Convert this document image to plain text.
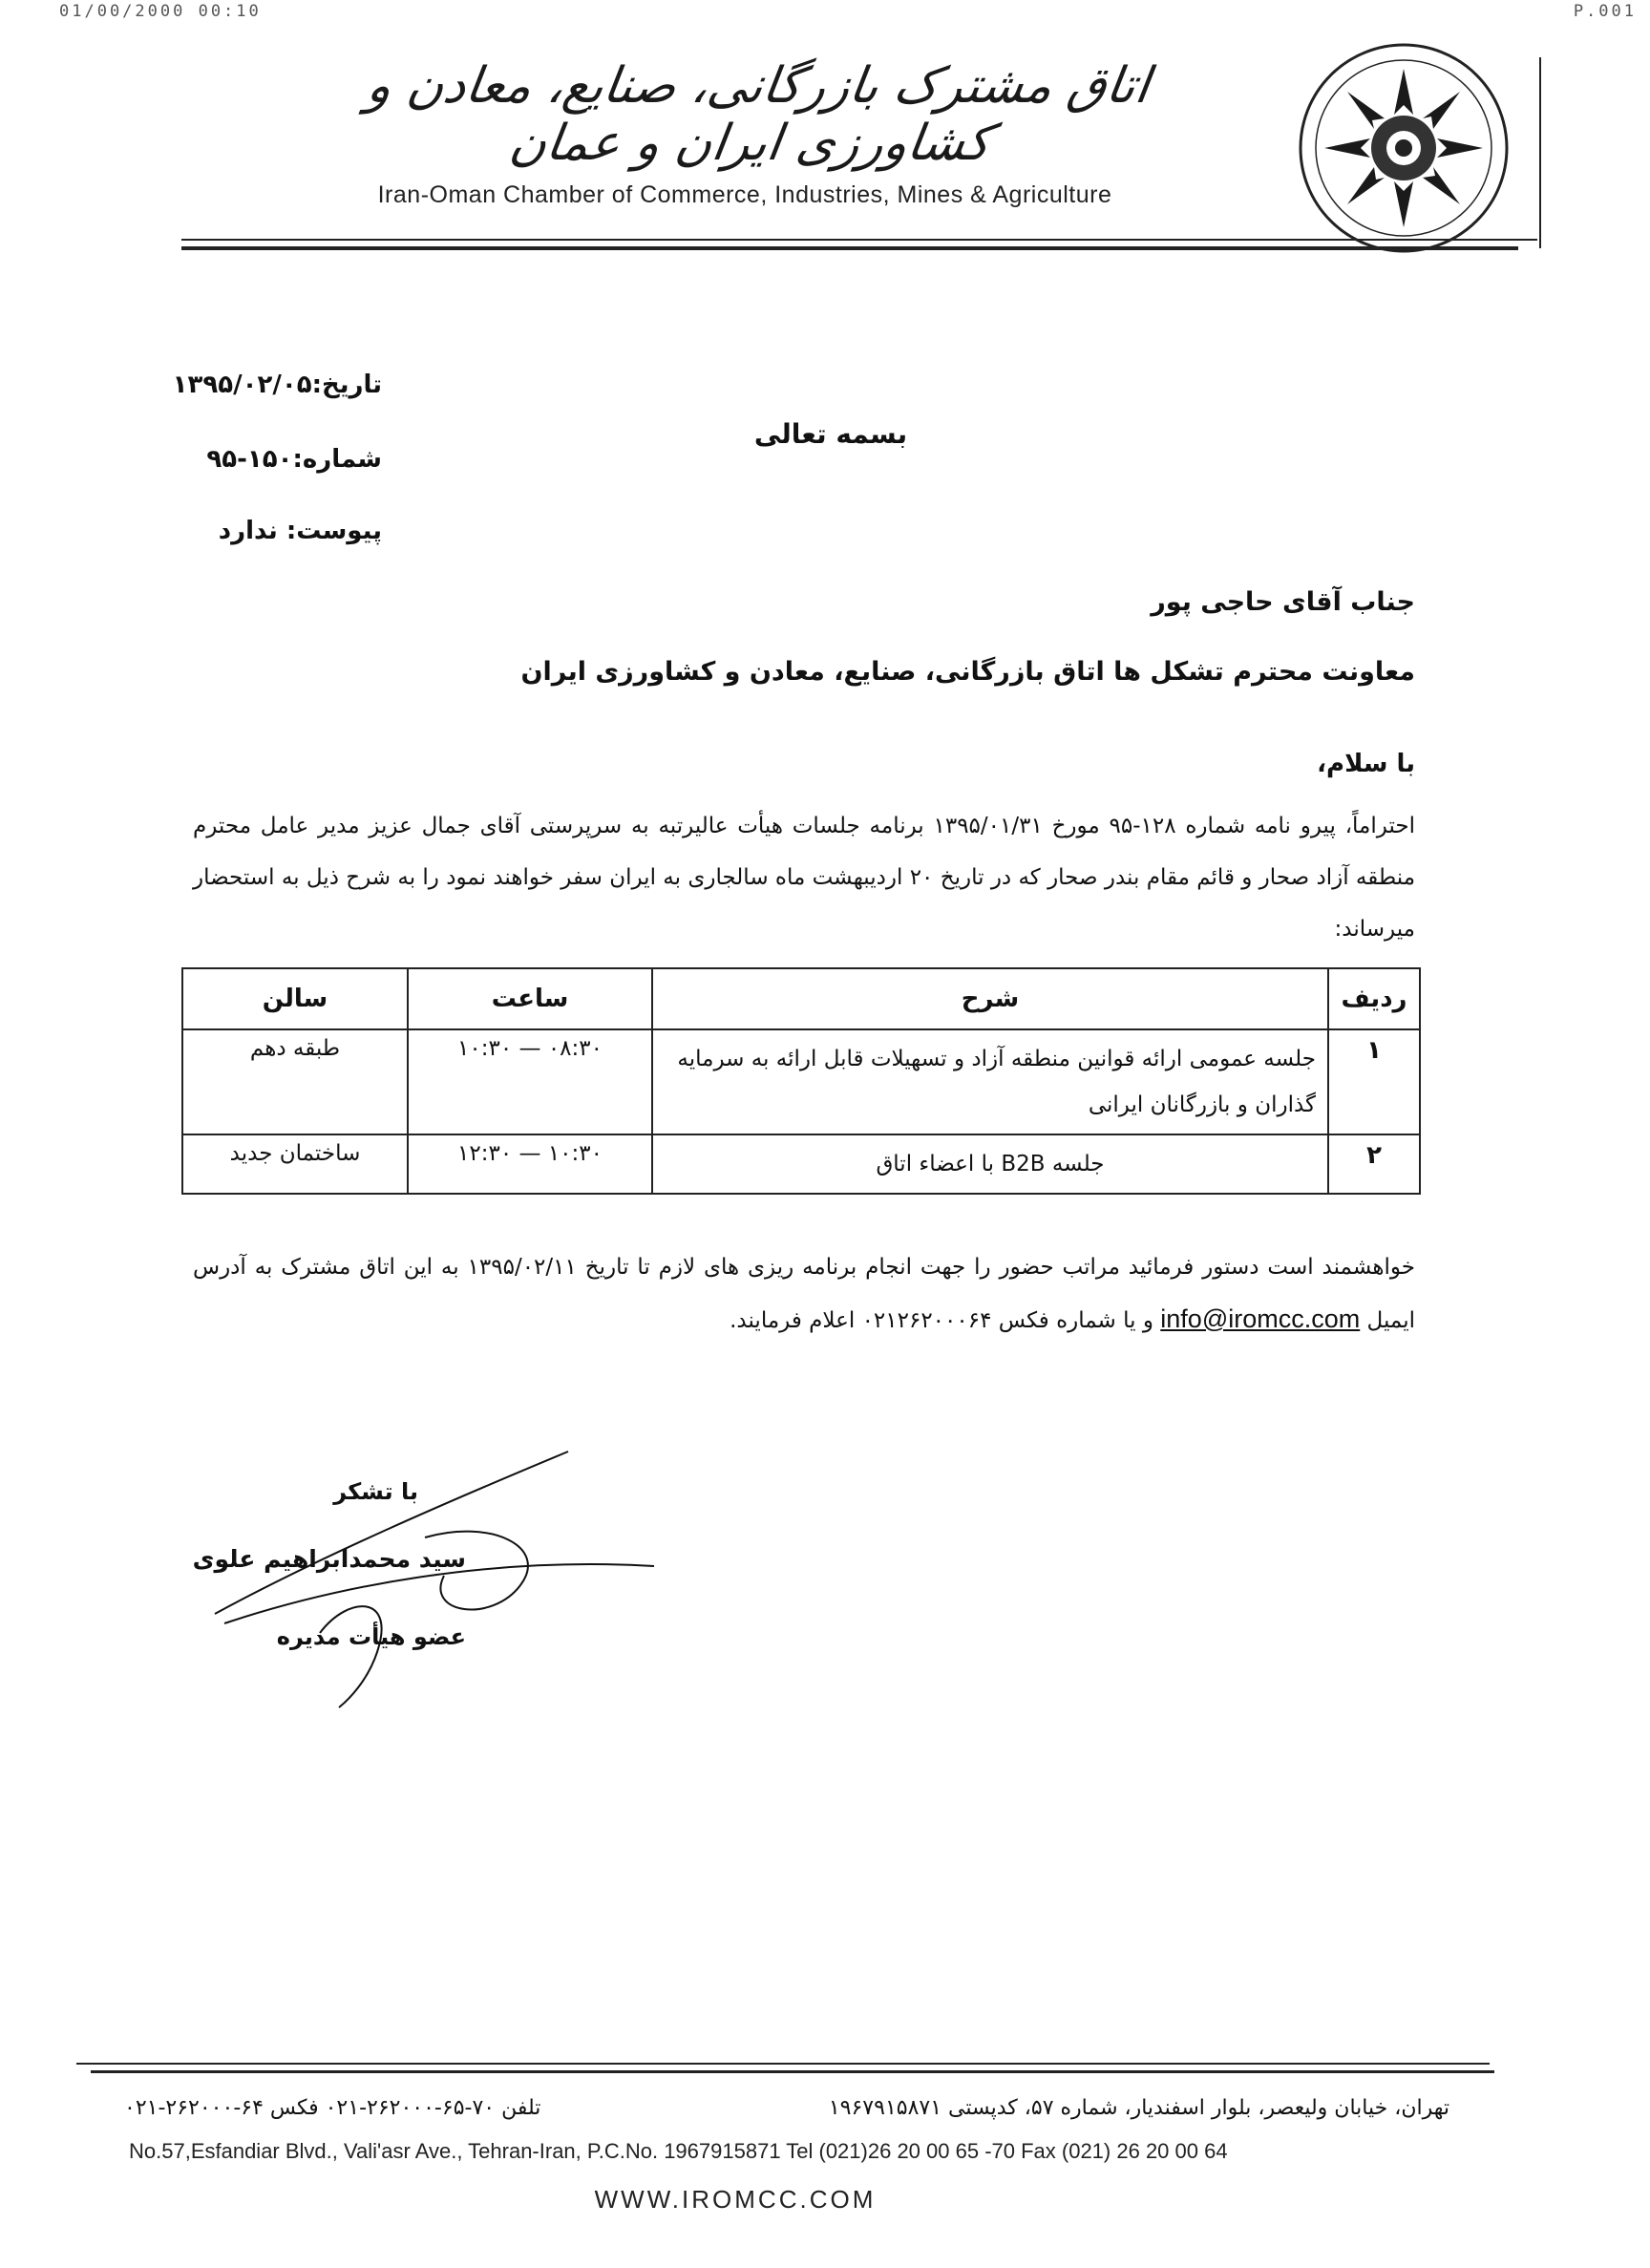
01/00/2000 00:10	P.001
اتاق مشترک بازرگانی، صنایع، معادن و کشاورزی ایران و عمان
Iran-Oman Chamber of Commerce, Industries, Mines & Agriculture
تاریخ:۱۳۹۵/۰۲/۰۵
شماره:۱۵۰-۹۵
پیوست: ندارد
بسمه تعالی
جناب آقای حاجی پور
معاونت محترم تشکل ها اتاق بازرگانی، صنایع، معادن و کشاورزی ایران
با سلام،
احتراماً، پیرو نامه شماره ۱۲۸-۹۵ مورخ ۱۳۹۵/۰۱/۳۱ برنامه جلسات هیأت عالیرتبه به سرپرستی آقای جمال عزیز مدیر عامل محترم منطقه آزاد صحار و قائم مقام بندر صحار که در تاریخ ۲۰ اردیبهشت ماه سالجاری به ایران سفر خواهند نمود را به شرح ذیل به استحضار میرساند:
ردیف	شرح	ساعت	سالن
۱	جلسه عمومی ارائه قوانین منطقه آزاد و تسهیلات قابل ارائه به سرمایه گذاران و بازرگانان ایرانی	۰۸:۳۰ — ۱۰:۳۰	طبقه دهم
۲	جلسه B2B با اعضاء اتاق	۱۰:۳۰ — ۱۲:۳۰	ساختمان جدید
خواهشمند است دستور فرمائید مراتب حضور را جهت انجام برنامه ریزی های لازم تا تاریخ ۱۳۹۵/۰۲/۱۱ به این اتاق مشترک به آدرس ایمیل info@iromcc.com و یا شماره فکس ۰۲۱۲۶۲۰۰۰۶۴ اعلام فرمایند.
با تشکر
سید محمدابراهیم علوی
عضو هیأت مدیره
تهران، خیابان ولیعصر، بلوار اسفندیار، شماره ۵۷، کدپستی ۱۹۶۷۹۱۵۸۷۱
تلفن ۷۰-۶۵-۲۶۲۰۰۰-۰۲۱ فکس ۶۴-۲۶۲۰۰۰-۰۲۱
No.57,Esfandiar Blvd., Vali'asr Ave., Tehran-Iran, P.C.No. 1967915871 Tel (021)26 20 00 65 -70 Fax (021) 26 20 00 64
WWW.IROMCC.COM
